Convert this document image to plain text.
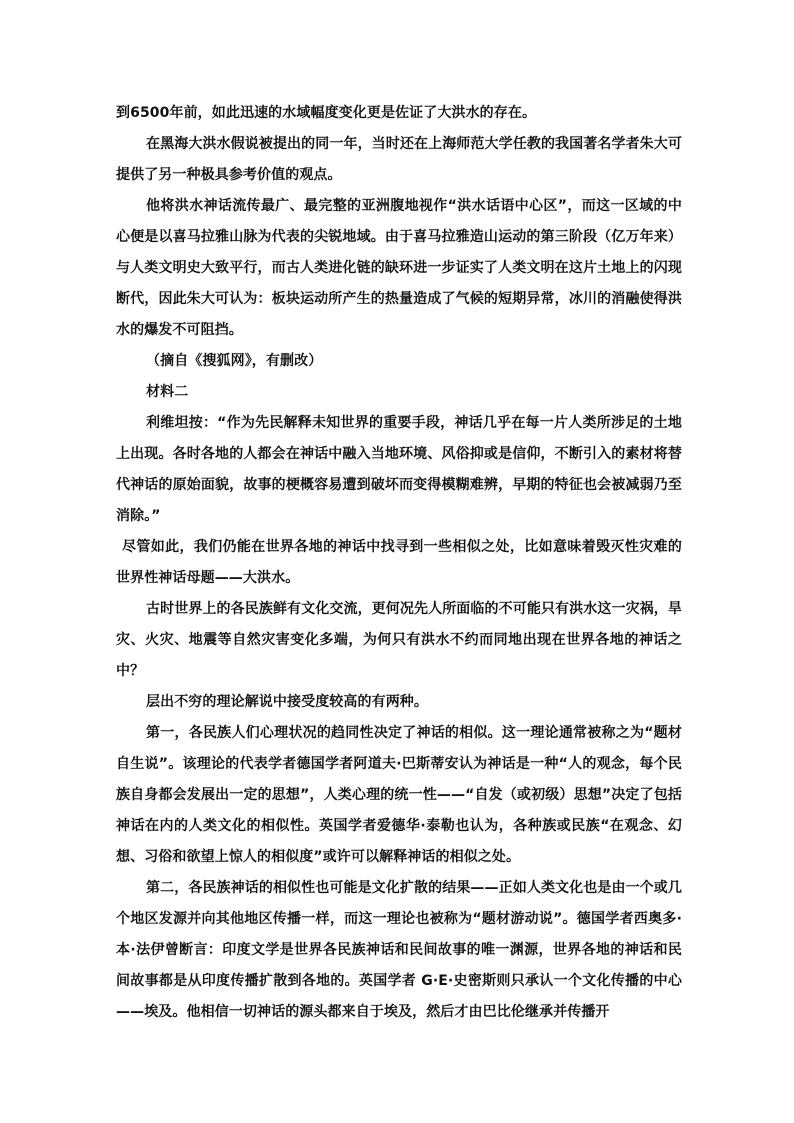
到6500年前，如此迅速的水域幅度变化更是佐证了大洪水的存在。

在黑海大洪水假说被提出的同一年，当时还在上海师范大学任教的我国著名学者朱大可提供了另一种极具参考价值的观点。

他将洪水神话流传最广、最完整的亚洲腹地视作“洪水话语中心区”，而这一区域的中心便是以喜马拉雅山脉为代表的尖锐地域。由于喜马拉雅造山运动的第三阶段（亿万年来）与人类文明史大致平行，而古人类进化链的缺环进一步证实了人类文明在这片土地上的闪现断代，因此朱大可认为：板块运动所产生的热量造成了气候的短期异常，冰川的消融使得洪水的爆发不可阻挡。

（摘自《搜狐网》，有删改）

材料二

利维坦按：“作为先民解释未知世界的重要手段，神话几乎在每一片人类所涉足的土地上出现。各时各地的人都会在神话中融入当地环境、风俗抑或是信仰，不断引入的素材将替代神话的原始面貌，故事的梗概容易遭到破坏而变得模糊难辨，早期的特征也会被减弱乃至消除。”

尽管如此，我们仍能在世界各地的神话中找寻到一些相似之处，比如意味着毁灭性灾难的世界性神话母题——大洪水。

古时世界上的各民族鲜有文化交流，更何况先人所面临的不可能只有洪水这一灾祸，旱灾、火灾、地震等自然灾害变化多端，为何只有洪水不约而同地出现在世界各地的神话之中？

层出不穷的理论解说中接受度较高的有两种。

第一，各民族人们心理状况的趋同性决定了神话的相似。这一理论通常被称之为“题材自生说”。该理论的代表学者德国学者阿道夫·巴斯蒂安认为神话是一种“人的观念，每个民族自身都会发展出一定的思想”，人类心理的统一性——“自发（或初级）思想”决定了包括神话在内的人类文化的相似性。英国学者爱德华·泰勒也认为，各种族或民族“在观念、幻想、习俗和欲望上惊人的相似度”或许可以解释神话的相似之处。

第二，各民族神话的相似性也可能是文化扩散的结果——正如人类文化也是由一个或几个地区发源并向其他地区传播一样，而这一理论也被称为“题材游动说”。德国学者西奥多·本·法伊曾断言：印度文学是世界各民族神话和民间故事的唯一渊源，世界各地的神话和民间故事都是从印度传播扩散到各地的。英国学者 G·E·史密斯则只承认一个文化传播的中心——埃及。他相信一切神话的源头都来自于埃及，然后才由巴比伦继承并传播开
